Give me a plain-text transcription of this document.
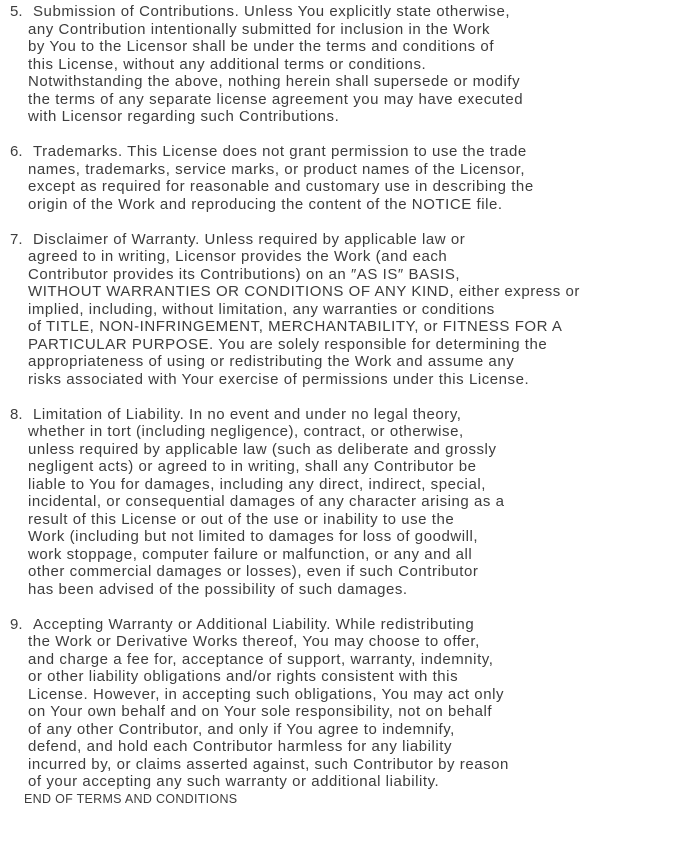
5. Submission of Contributions. Unless You explicitly state otherwise,
any Contribution intentionally submitted for inclusion in the Work
by You to the Licensor shall be under the terms and conditions of
this License, without any additional terms or conditions.
Notwithstanding the above, nothing herein shall supersede or modify
the terms of any separate license agreement you may have executed
with Licensor regarding such Contributions.
6. Trademarks. This License does not grant permission to use the trade
names, trademarks, service marks, or product names of the Licensor,
except as required for reasonable and customary use in describing the
origin of the Work and reproducing the content of the NOTICE file.
7. Disclaimer of Warranty. Unless required by applicable law or
agreed to in writing, Licensor provides the Work (and each
Contributor provides its Contributions) on an ″AS IS″ BASIS,
WITHOUT WARRANTIES OR CONDITIONS OF ANY KIND, either express or
implied, including, without limitation, any warranties or conditions
of TITLE, NON-INFRINGEMENT, MERCHANTABILITY, or FITNESS FOR A
PARTICULAR PURPOSE. You are solely responsible for determining the
appropriateness of using or redistributing the Work and assume any
risks associated with Your exercise of permissions under this License.
8. Limitation of Liability. In no event and under no legal theory,
whether in tort (including negligence), contract, or otherwise,
unless required by applicable law (such as deliberate and grossly
negligent acts) or agreed to in writing, shall any Contributor be
liable to You for damages, including any direct, indirect, special,
incidental, or consequential damages of any character arising as a
result of this License or out of the use or inability to use the
Work (including but not limited to damages for loss of goodwill,
work stoppage, computer failure or malfunction, or any and all
other commercial damages or losses), even if such Contributor
has been advised of the possibility of such damages.
9. Accepting Warranty or Additional Liability. While redistributing
the Work or Derivative Works thereof, You may choose to offer,
and charge a fee for, acceptance of support, warranty, indemnity,
or other liability obligations and/or rights consistent with this
License. However, in accepting such obligations, You may act only
on Your own behalf and on Your sole responsibility, not on behalf
of any other Contributor, and only if You agree to indemnify,
defend, and hold each Contributor harmless for any liability
incurred by, or claims asserted against, such Contributor by reason
of your accepting any such warranty or additional liability.
END OF TERMS AND CONDITIONS
